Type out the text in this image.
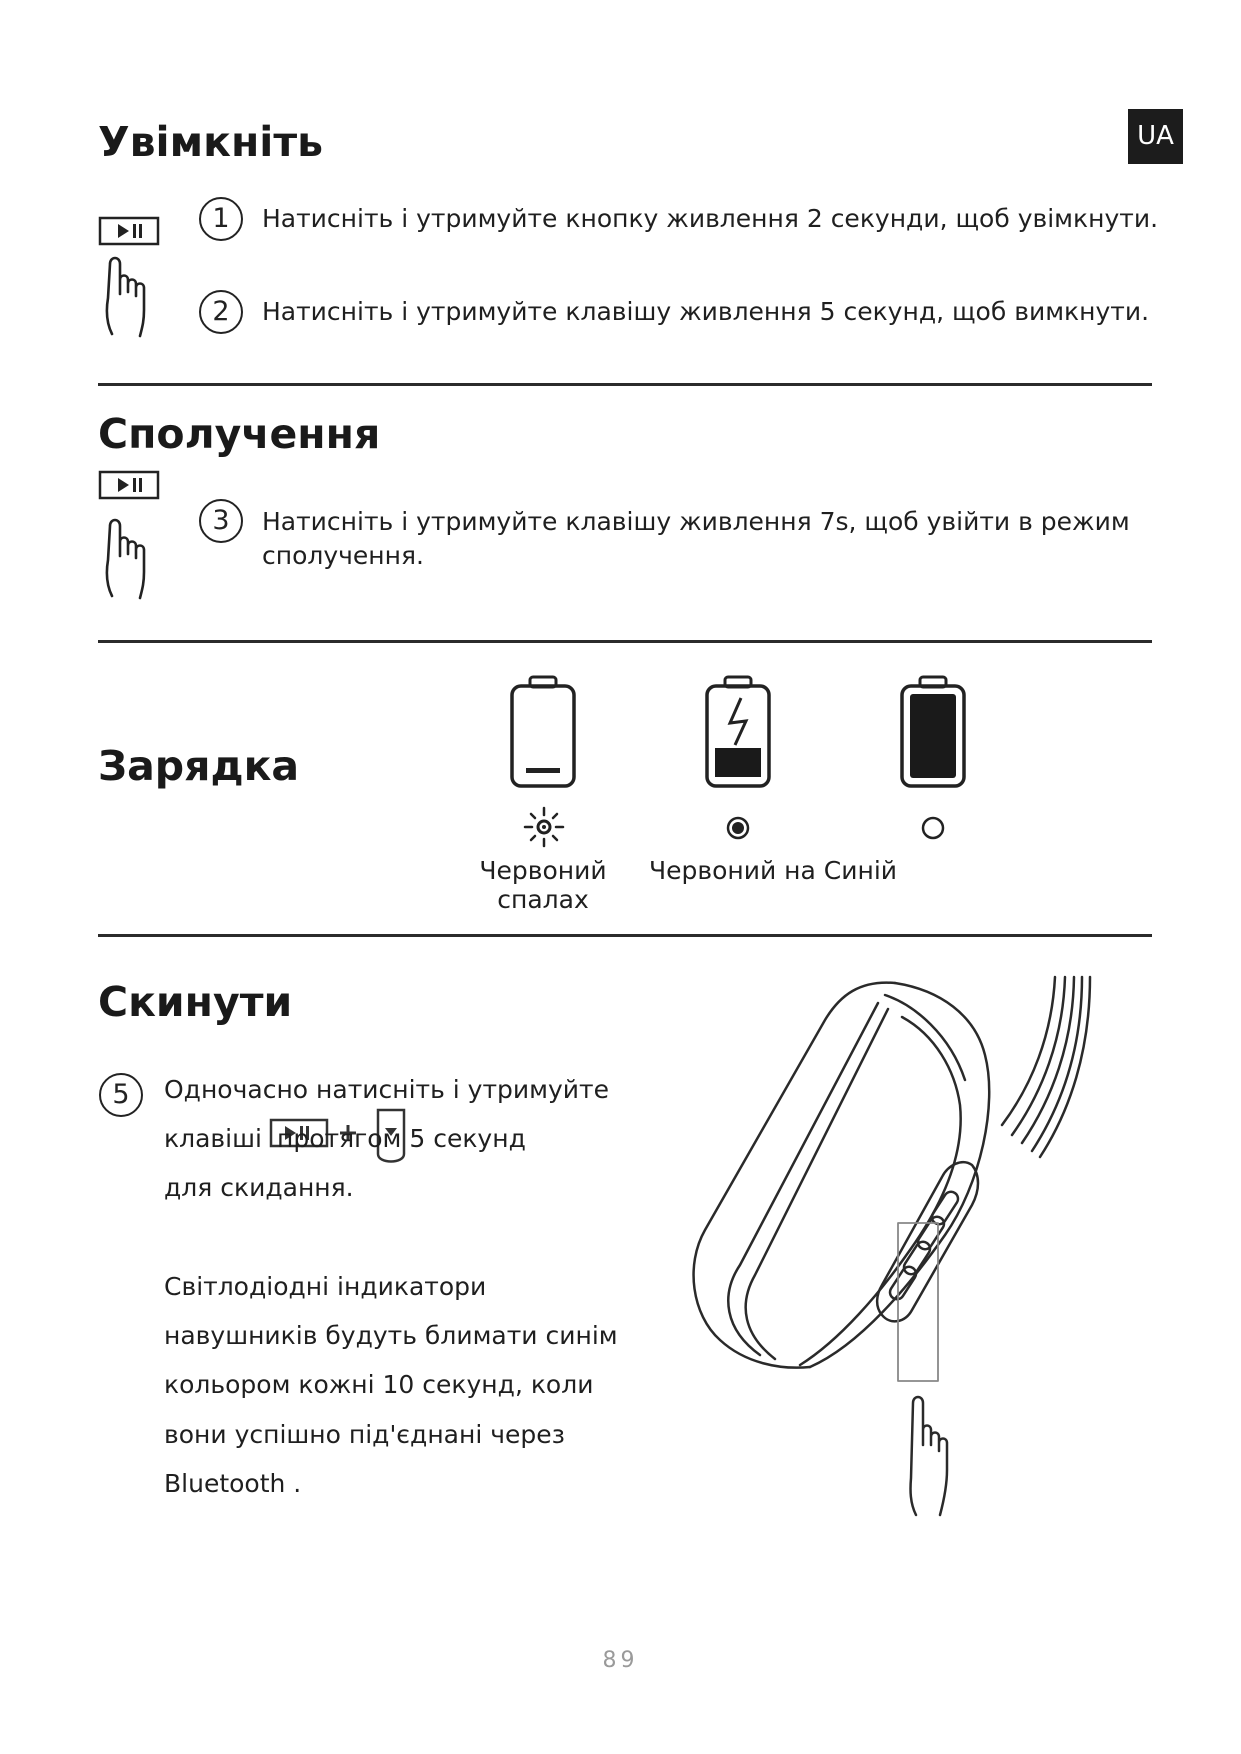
UA
Увімкніть
1	Натисніть і утримуйте кнопку живлення 2 секунди, щоб увімкнути.
2	Натисніть і утримуйте клавішу живлення 5 секунд, щоб вимкнути.
Сполучення
3	Натисніть і утримуйте клавішу живлення 7s, щоб увійти в режим
сполучення.
Зарядка
Червоний
спалах
Червоний на Синій
Скинути
5	Одночасно натисніть і утримуйте
клавіші протягом 5 секунд
для скидання.
Світлодіодні індикатори
навушників будуть блимати синім
кольором кожні 10 секунд, коли
вони успішно під'єднані через
Bluetooth .
89
